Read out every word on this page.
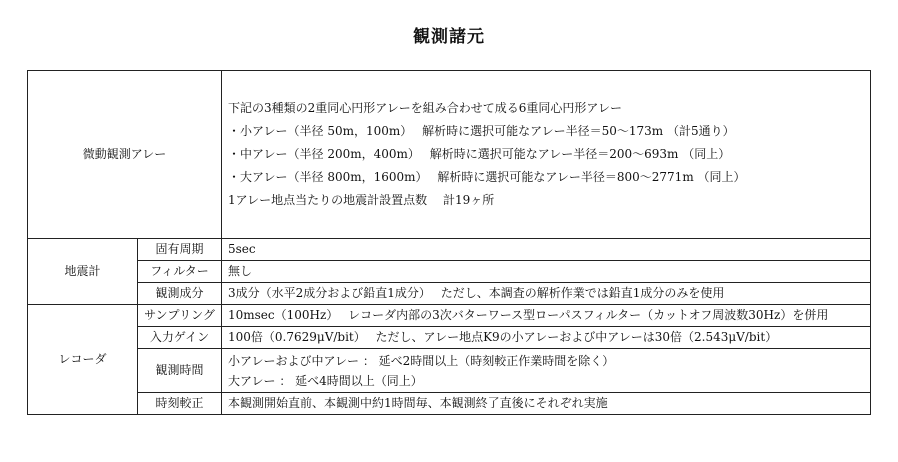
観測諸元
微動観測アレー		下記の3種類の2重同心円形アレーを組み合わせて成る6重同心円形アレー
・小アレー（半径 50m，100m）　 解析時に選択可能なアレー半径＝50～173m （計5通り）
・中アレー（半径 200m，400m）　 解析時に選択可能なアレー半径＝200～693m （同上）
・大アレー（半径 800m，1600m）　 解析時に選択可能なアレー半径＝800～2771m （同上）
1アレー地点当たりの地震計設置点数　 計19ヶ所

地震計	固有周期	5sec
	フィルター	無し
	観測成分	3成分（水平2成分および鉛直1成分）　 ただし、本調査の解析作業では鉛直1成分のみを使用
レコーダ	サンプリング	10msec（100Hz）　 レコーダ内部の3次バターワース型ローパスフィルター（カットオフ周波数30Hz）を併用
	入力ゲイン	100倍（0.7629μV/bit）　 ただし、アレー地点K9の小アレーおよび中アレーは30倍（2.543μV/bit）
	観測時間	小アレーおよび中アレー ： 延べ2時間以上（時刻較正作業時間を除く）
大アレー ： 延べ4時間以上（同上）

	時刻較正	本観測開始直前、本観測中約1時間毎、本観測終了直後にそれぞれ実施
